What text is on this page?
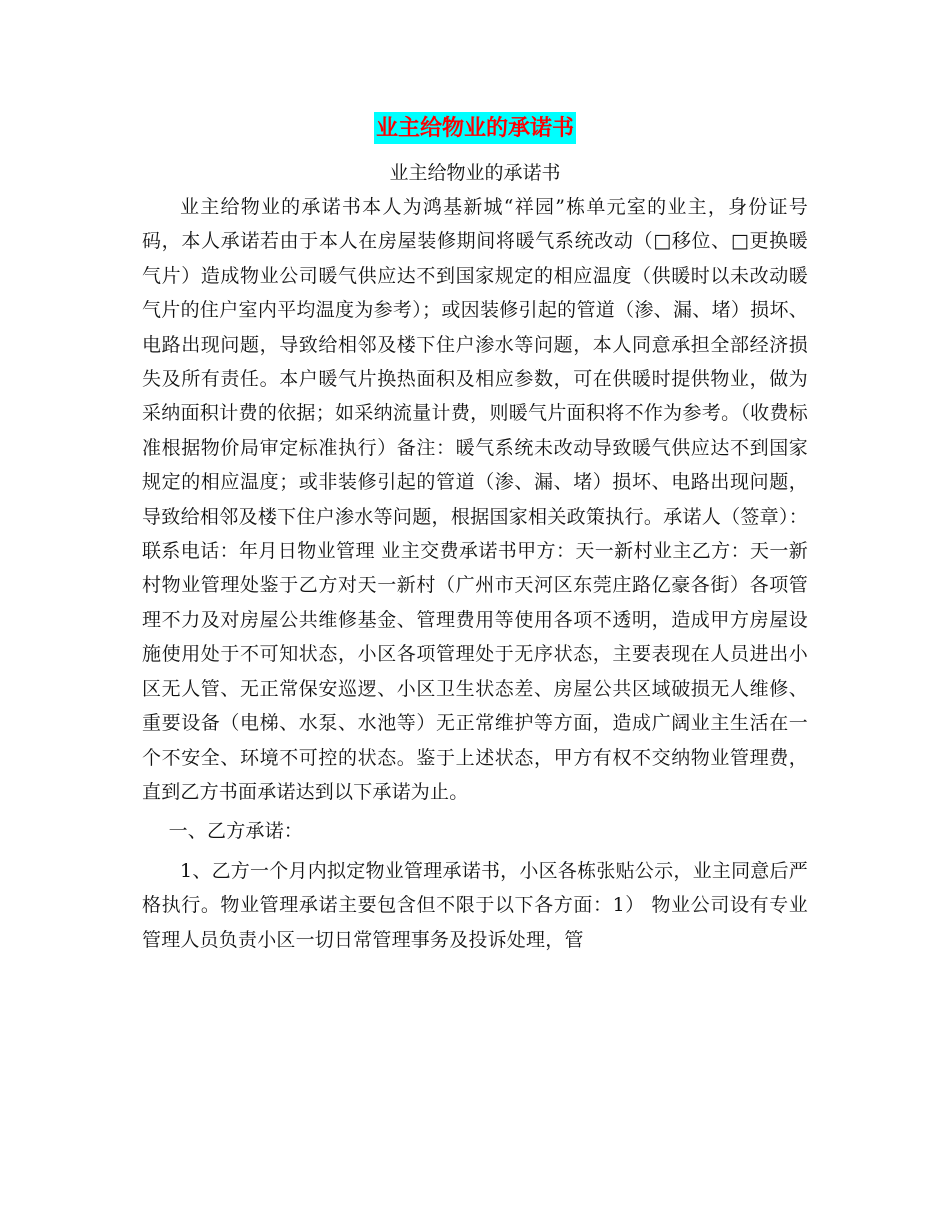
业主给物业的承诺书

业主给物业的承诺书

业主给物业的承诺书本人为鸿基新城“祥园”栋单元室的业主，身份证号码，本人承诺若由于本人在房屋装修期间将暖气系统改动（□移位、□更换暖气片）造成物业公司暖气供应达不到国家规定的相应温度（供暖时以未改动暖气片的住户室内平均温度为参考）；或因装修引起的管道（渗、漏、堵）损坏、电路出现问题，导致给相邻及楼下住户渗水等问题，本人同意承担全部经济损失及所有责任。本户暖气片换热面积及相应参数，可在供暖时提供物业，做为采纳面积计费的依据；如采纳流量计费，则暖气片面积将不作为参考。（收费标准根据物价局审定标准执行）备注：暖气系统未改动导致暖气供应达不到国家规定的相应温度；或非装修引起的管道（渗、漏、堵）损坏、电路出现问题，导致给相邻及楼下住户渗水等问题，根据国家相关政策执行。承诺人（签章）：联系电话：年月日物业管理 业主交费承诺书甲方：天一新村业主乙方：天一新村物业管理处鉴于乙方对天一新村（广州市天河区东莞庄路亿豪各街）各项管理不力及对房屋公共维修基金、管理费用等使用各项不透明，造成甲方房屋设施使用处于不可知状态，小区各项管理处于无序状态，主要表现在人员进出小区无人管、无正常保安巡逻、小区卫生状态差、房屋公共区域破损无人维修、重要设备（电梯、水泵、水池等）无正常维护等方面，造成广阔业主生活在一个不安全、环境不可控的状态。鉴于上述状态，甲方有权不交纳物业管理费，直到乙方书面承诺达到以下承诺为止。

一、乙方承诺：

1、乙方一个月内拟定物业管理承诺书，小区各栋张贴公示，业主同意后严格执行。物业管理承诺主要包含但不限于以下各方面：1） 物业公司设有专业管理人员负责小区一切日常管理事务及投诉处理，管
